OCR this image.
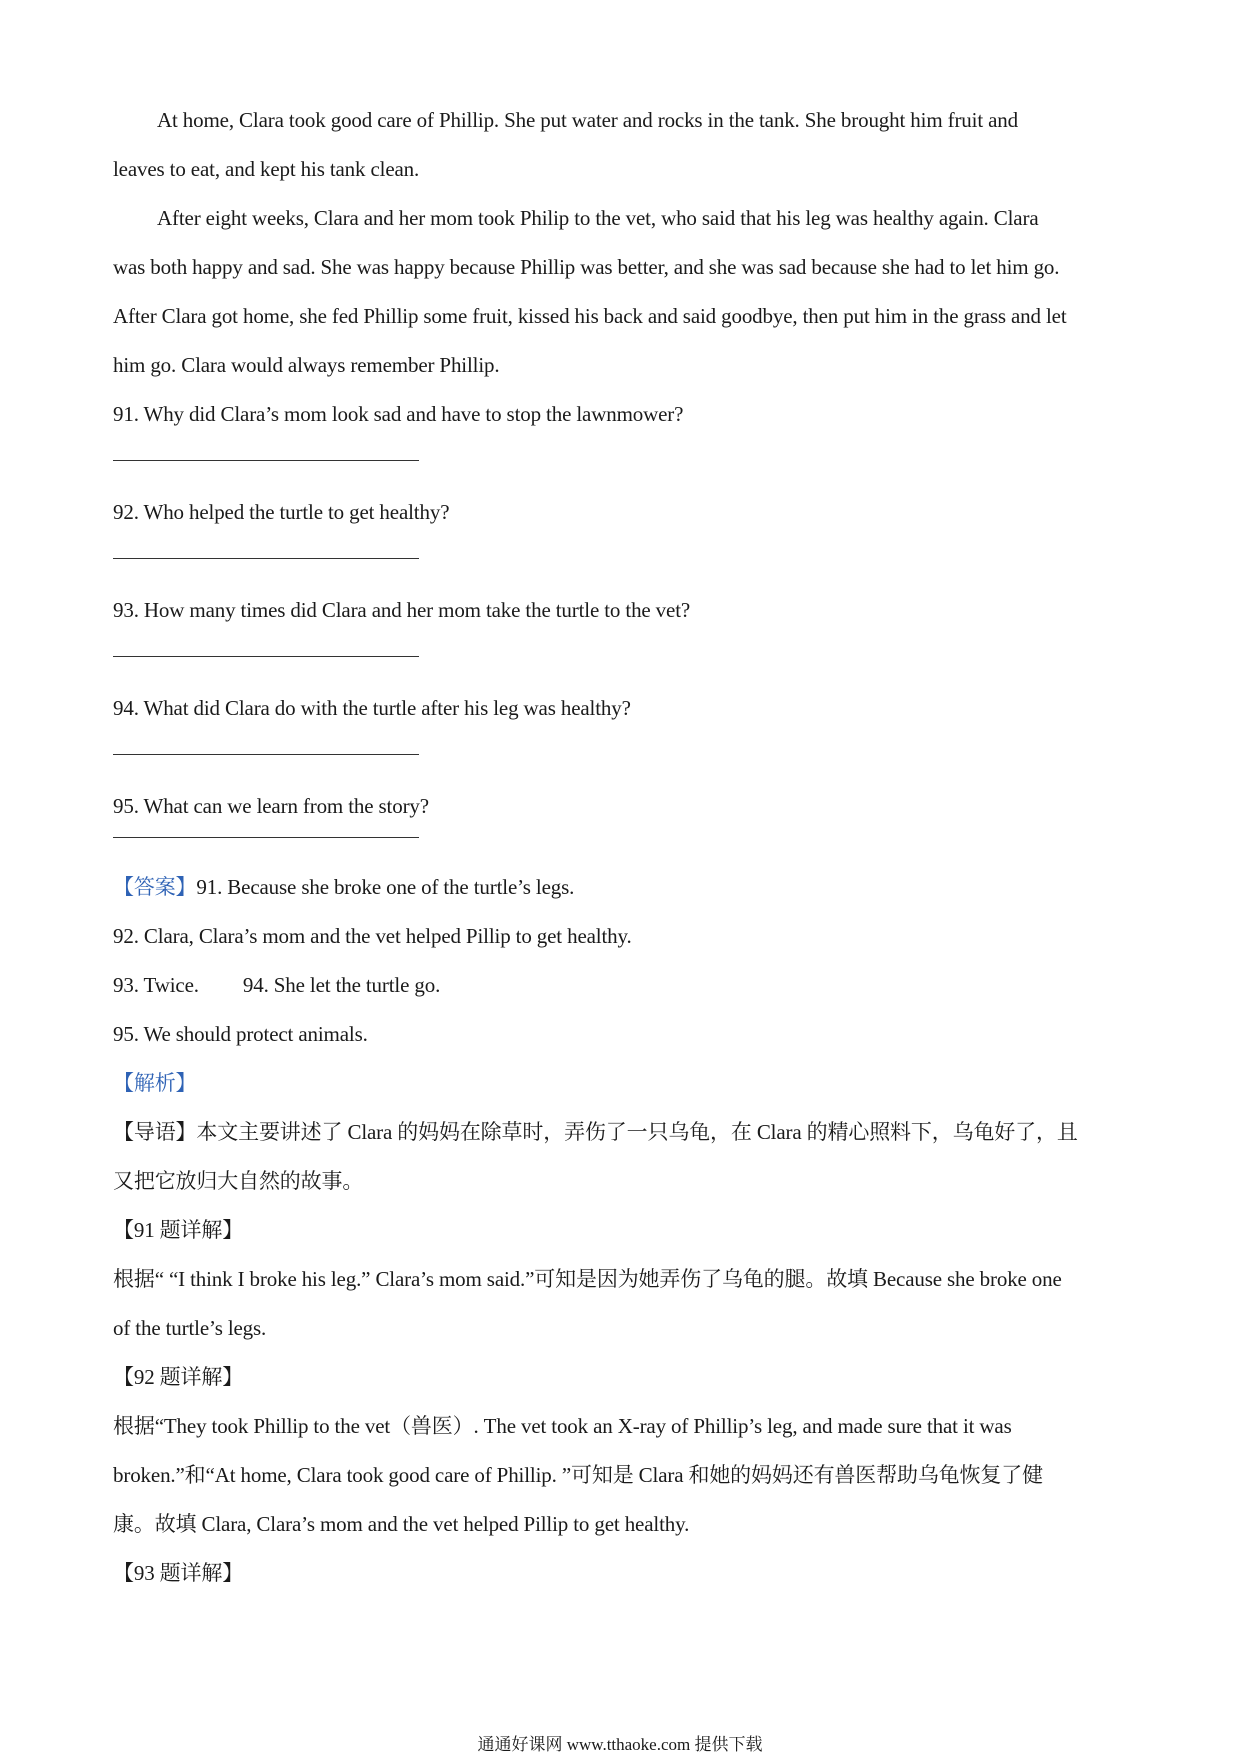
At home, Clara took good care of Phillip. She put water and rocks in the tank. She brought him fruit and
leaves to eat, and kept his tank clean.
After eight weeks, Clara and her mom took Philip to the vet, who said that his leg was healthy again. Clara
was both happy and sad. She was happy because Phillip was better, and she was sad because she had to let him go.
After Clara got home, she fed Phillip some fruit, kissed his back and said goodbye, then put him in the grass and let
him go. Clara would always remember Phillip.
91. Why did Clara’s mom look sad and have to stop the lawnmower?
92. Who helped the turtle to get healthy?
93. How many times did Clara and her mom take the turtle to the vet?
94. What did Clara do with the turtle after his leg was healthy?
95. What can we learn from the story?
【答案】91. Because she broke one of the turtle’s legs.
92. Clara, Clara’s mom and the vet helped Pillip to get healthy.
93. Twice. 94. She let the turtle go.
95. We should protect animals.
【解析】
【导语】本文主要讲述了 Clara 的妈妈在除草时，弄伤了一只乌龟，在 Clara 的精心照料下，乌龟好了，且
又把它放归大自然的故事。
【91 题详解】
根据“ “I think I broke his leg.” Clara’s mom said.”可知是因为她弄伤了乌龟的腿。故填 Because she broke one
of the turtle’s legs.
【92 题详解】
根据“They took Phillip to the vet（兽医）. The vet took an X-ray of Phillip’s leg, and made sure that it was
broken.”和“At home, Clara took good care of Phillip. ”可知是 Clara 和她的妈妈还有兽医帮助乌龟恢复了健
康。故填 Clara, Clara’s mom and the vet helped Pillip to get healthy.
【93 题详解】
通通好课网 www.tthaoke.com 提供下载
